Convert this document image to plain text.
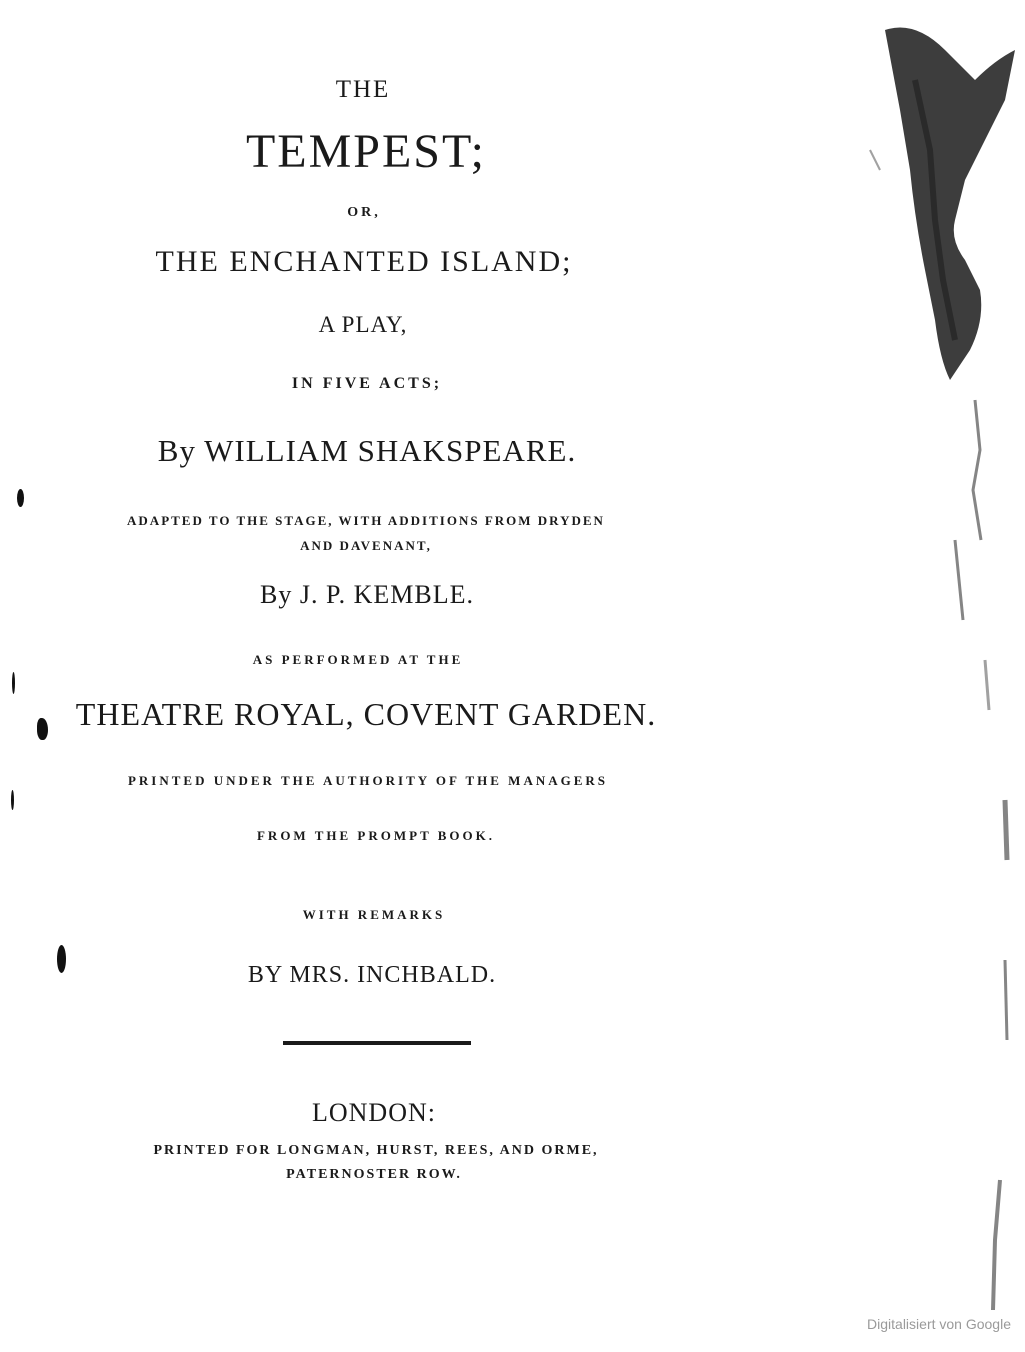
THE
TEMPEST;
OR,
THE ENCHANTED ISLAND;
A PLAY,
IN FIVE ACTS;
By WILLIAM SHAKSPEARE.
ADAPTED TO THE STAGE, WITH ADDITIONS FROM DRYDEN
AND DAVENANT,
By J. P. KEMBLE.
AS PERFORMED AT THE
THEATRE ROYAL, COVENT GARDEN.
PRINTED UNDER THE AUTHORITY OF THE MANAGERS
FROM THE PROMPT BOOK.
WITH REMARKS
BY MRS. INCHBALD.
LONDON:
PRINTED FOR LONGMAN, HURST, REES, AND ORME,
PATERNOSTER ROW.
Digitalisiert von Google
